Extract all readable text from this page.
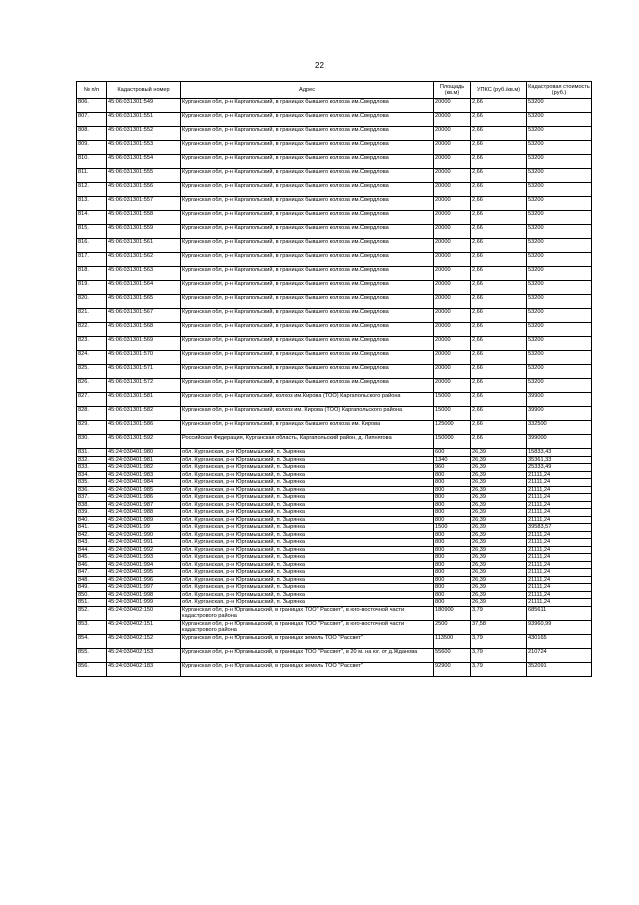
22
№ п/п	Кадастровый номер	Адрес	Площадь (кв.м)	УПКС (руб./кв.м)	Кадастровая стоимость (руб.)
806.	45:06:031301:549	Курганская обл, р-н Каргапольский, в границах бывшего колхоза им.Свердлова	20000	2,66	53200
807.	45:06:031301:551	Курганская обл, р-н Каргапольский, в границах бывшего колхоза им.Свердлова	20000	2,66	53200
808.	45:06:031301:552	Курганская обл, р-н Каргапольский, в границах бывшего колхоза им.Свердлова	20000	2,66	53200
809.	45:06:031301:553	Курганская обл, р-н Каргапольский, в границах бывшего колхоза им.Свердлова	20000	2,66	53200
810.	45:06:031301:554	Курганская обл, р-н Каргапольский, в границах бывшего колхоза им.Свердлова	20000	2,66	53200
811.	45:06:031301:555	Курганская обл, р-н Каргапольский, в границах бывшего колхоза им.Свердлова	20000	2,66	53200
812.	45:06:031301:556	Курганская обл, р-н Каргапольский, в границах бывшего колхоза им.Свердлова	20000	2,66	53200
813.	45:06:031301:557	Курганская обл, р-н Каргапольский, в границах бывшего колхоза им.Свердлова	20000	2,66	53200
814.	45:06:031301:558	Курганская обл, р-н Каргапольский, в границах бывшего колхоза им.Свердлова	20000	2,66	53200
815.	45:06:031301:559	Курганская обл, р-н Каргапольский, в границах бывшего колхоза им.Свердлова	20000	2,66	53200
816.	45:06:031301:561	Курганская обл, р-н Каргапольский, в границах бывшего колхоза им.Свердлова	20000	2,66	53200
817.	45:06:031301:562	Курганская обл, р-н Каргапольский, в границах бывшего колхоза им.Свердлова	20000	2,66	53200
818.	45:06:031301:563	Курганская обл, р-н Каргапольский, в границах бывшего колхоза им.Свердлова	20000	2,66	53200
819.	45:06:031301:564	Курганская обл, р-н Каргапольский, в границах бывшего колхоза им.Свердлова	20000	2,66	53200
820.	45:06:031301:565	Курганская обл, р-н Каргапольский, в границах бывшего колхоза им.Свердлова	20000	2,66	53200
821.	45:06:031301:567	Курганская обл, р-н Каргапольский, в границах бывшего колхоза им.Свердлова	20000	2,66	53200
822.	45:06:031301:568	Курганская обл, р-н Каргапольский, в границах бывшего колхоза им.Свердлова	20000	2,66	53200
823.	45:06:031301:569	Курганская обл, р-н Каргапольский, в границах бывшего колхоза им.Свердлова	20000	2,66	53200
824.	45:06:031301:570	Курганская обл, р-н Каргапольский, в границах бывшего колхоза им.Свердлова	20000	2,66	53200
825.	45:06:031301:571	Курганская обл, р-н Каргапольский, в границах бывшего колхоза им.Свердлова	20000	2,66	53200
826.	45:06:031301:572	Курганская обл, р-н Каргапольский, в границах бывшего колхоза им.Свердлова	20000	2,66	53200
827.	45:06:031301:581	Курганская обл, р-н Каргапольский, колхоз им.Кирова (ТОО) Каргапольского района	15000	2,66	39900
828.	45:06:031301:582	Курганская обл, р-н Каргапольский, колхоз им. Кирова (ТОО) Каргапольского района	15000	2,66	39900
829.	45:06:031301:586	Курганская обл, р-н Каргапольский, в границах бывшего колхоза им. Кирова	125000	2,66	332500
830.	45:06:031301:592	Российская Федерация, Курганская область, Каргапольский район, д. Липнягова	150000	2,66	399000
831.	45:24:030401:980	обл. Курганская, р-н Юргамышский, п. Зырянка	600	26,39	15833,43
832.	45:24:030401:981	обл. Курганская, р-н Юргамышский, п. Зырянка	1340	26,39	35361,33
833.	45:24:030401:982	обл. Курганская, р-н Юргамышский, п. Зырянка	960	26,39	25333,49
834.	45:24:030401:983	обл. Курганская, р-н Юргамышский, п. Зырянка	800	26,39	21111,24
835.	45:24:030401:984	обл. Курганская, р-н Юргамышский, п. Зырянка	800	26,39	21111,24
836.	45:24:030401:985	обл. Курганская, р-н Юргамышский, п. Зырянка	800	26,39	21111,24
837.	45:24:030401:986	обл. Курганская, р-н Юргамышский, п. Зырянка	800	26,39	21111,24
838.	45:24:030401:987	обл. Курганская, р-н Юргамышский, п. Зырянка	800	26,39	21111,24
839.	45:24:030401:988	обл. Курганская, р-н Юргамышский, п. Зырянка	800	26,39	21111,24
840.	45:24:030401:989	обл. Курганская, р-н Юргамышский, п. Зырянка	800	26,39	21111,24
841.	45:24:030401:99	обл. Курганская, р-н Юргамышский, п. Зырянка	1500	26,39	39583,57
842.	45:24:030401:990	обл. Курганская, р-н Юргамышский, п. Зырянка	800	26,39	21111,24
843.	45:24:030401:991	обл. Курганская, р-н Юргамышский, п. Зырянка	800	26,39	21111,24
844.	45:24:030401:992	обл. Курганская, р-н Юргамышский, п. Зырянка	800	26,39	21111,24
845.	45:24:030401:993	обл. Курганская, р-н Юргамышский, п. Зырянка	800	26,39	21111,24
846.	45:24:030401:994	обл. Курганская, р-н Юргамышский, п. Зырянка	800	26,39	21111,24
847.	45:24:030401:995	обл. Курганская, р-н Юргамышский, п. Зырянка	800	26,39	21111,24
848.	45:24:030401:996	обл. Курганская, р-н Юргамышский, п. Зырянка	800	26,39	21111,24
849.	45:24:030401:997	обл. Курганская, р-н Юргамышский, п. Зырянка	800	26,39	21111,24
850.	45:24:030401:998	обл. Курганская, р-н Юргамышский, п. Зырянка	800	26,39	21111,24
851.	45:24:030401:999	обл. Курганская, р-н Юргамышский, п. Зырянка	800	26,39	21111,24
852.	45:24:030402:150	Курганская обл, р-н Юргамышский, в границах ТОО" Рассвет", в юго-восточной части кадастрового района	180900	3,79	685611
853.	45:24:030402:151	Курганская обл, р-н Юргамышский, в границах ТОО "Рассвет", в юго-восточной части кадастрового района	2500	37,58	93960,99
854.	45:24:030402:152	Курганская обл, р-н Юргамышский, в границах земель ТОО "Рассвет"	113500	3,79	430165
855.	45:24:030402:153	Курганская обл, р-н Юргамышский, в границах ТОО "Рассвет", в 20 м. на юг. от д.Жданова	55600	3,79	210724
856.	45:24:030402:183	Курганская обл, р-н Юргамышский, в границах земель ТОО "Рассвет"	92900	3,79	352091
